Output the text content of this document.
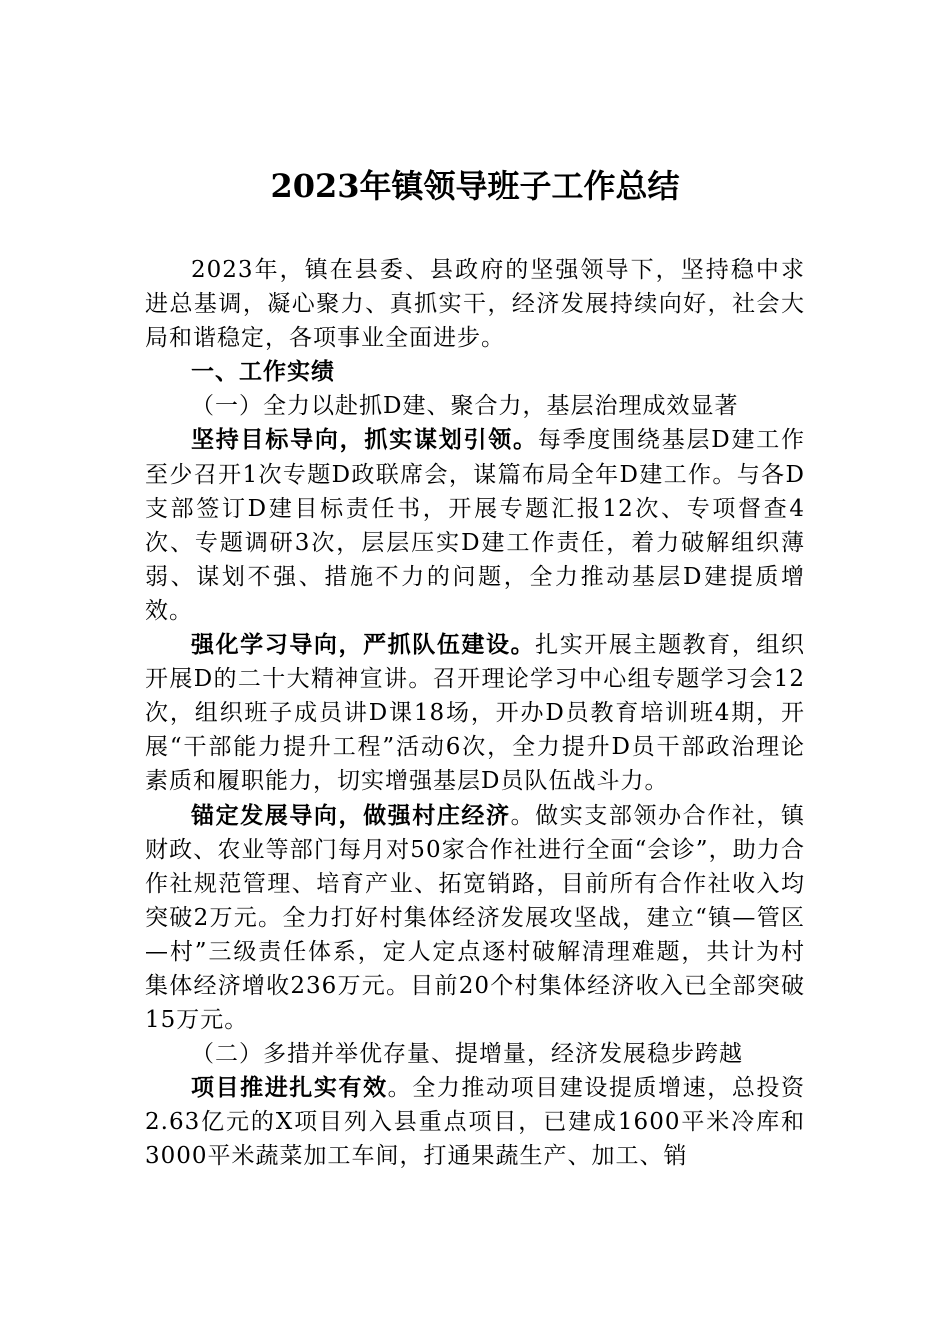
2023年镇领导班子工作总结

2023年，镇在县委、县政府的坚强领导下，坚持稳中求进总基调，凝心聚力、真抓实干，经济发展持续向好，社会大局和谐稳定，各项事业全面进步。

一、工作实绩

（一）全力以赴抓D建、聚合力，基层治理成效显著

坚持目标导向，抓实谋划引领。每季度围绕基层D建工作至少召开1次专题D政联席会，谋篇布局全年D建工作。与各D支部签订D建目标责任书，开展专题汇报12次、专项督查4次、专题调研3次，层层压实D建工作责任，着力破解组织薄弱、谋划不强、措施不力的问题，全力推动基层D建提质增效。

强化学习导向，严抓队伍建设。扎实开展主题教育，组织开展D的二十大精神宣讲。召开理论学习中心组专题学习会12次，组织班子成员讲D课18场，开办D员教育培训班4期，开展“干部能力提升工程”活动6次，全力提升D员干部政治理论素质和履职能力，切实增强基层D员队伍战斗力。

锚定发展导向，做强村庄经济。做实支部领办合作社，镇财政、农业等部门每月对50家合作社进行全面“会诊”，助力合作社规范管理、培育产业、拓宽销路，目前所有合作社收入均突破2万元。全力打好村集体经济发展攻坚战，建立“镇—管区—村”三级责任体系，定人定点逐村破解清理难题，共计为村集体经济增收236万元。目前20个村集体经济收入已全部突破15万元。

（二）多措并举优存量、提增量，经济发展稳步跨越

项目推进扎实有效。全力推动项目建设提质增速，总投资2.63亿元的X项目列入县重点项目，已建成1600平米冷库和3000平米蔬菜加工车间，打通果蔬生产、加工、销
